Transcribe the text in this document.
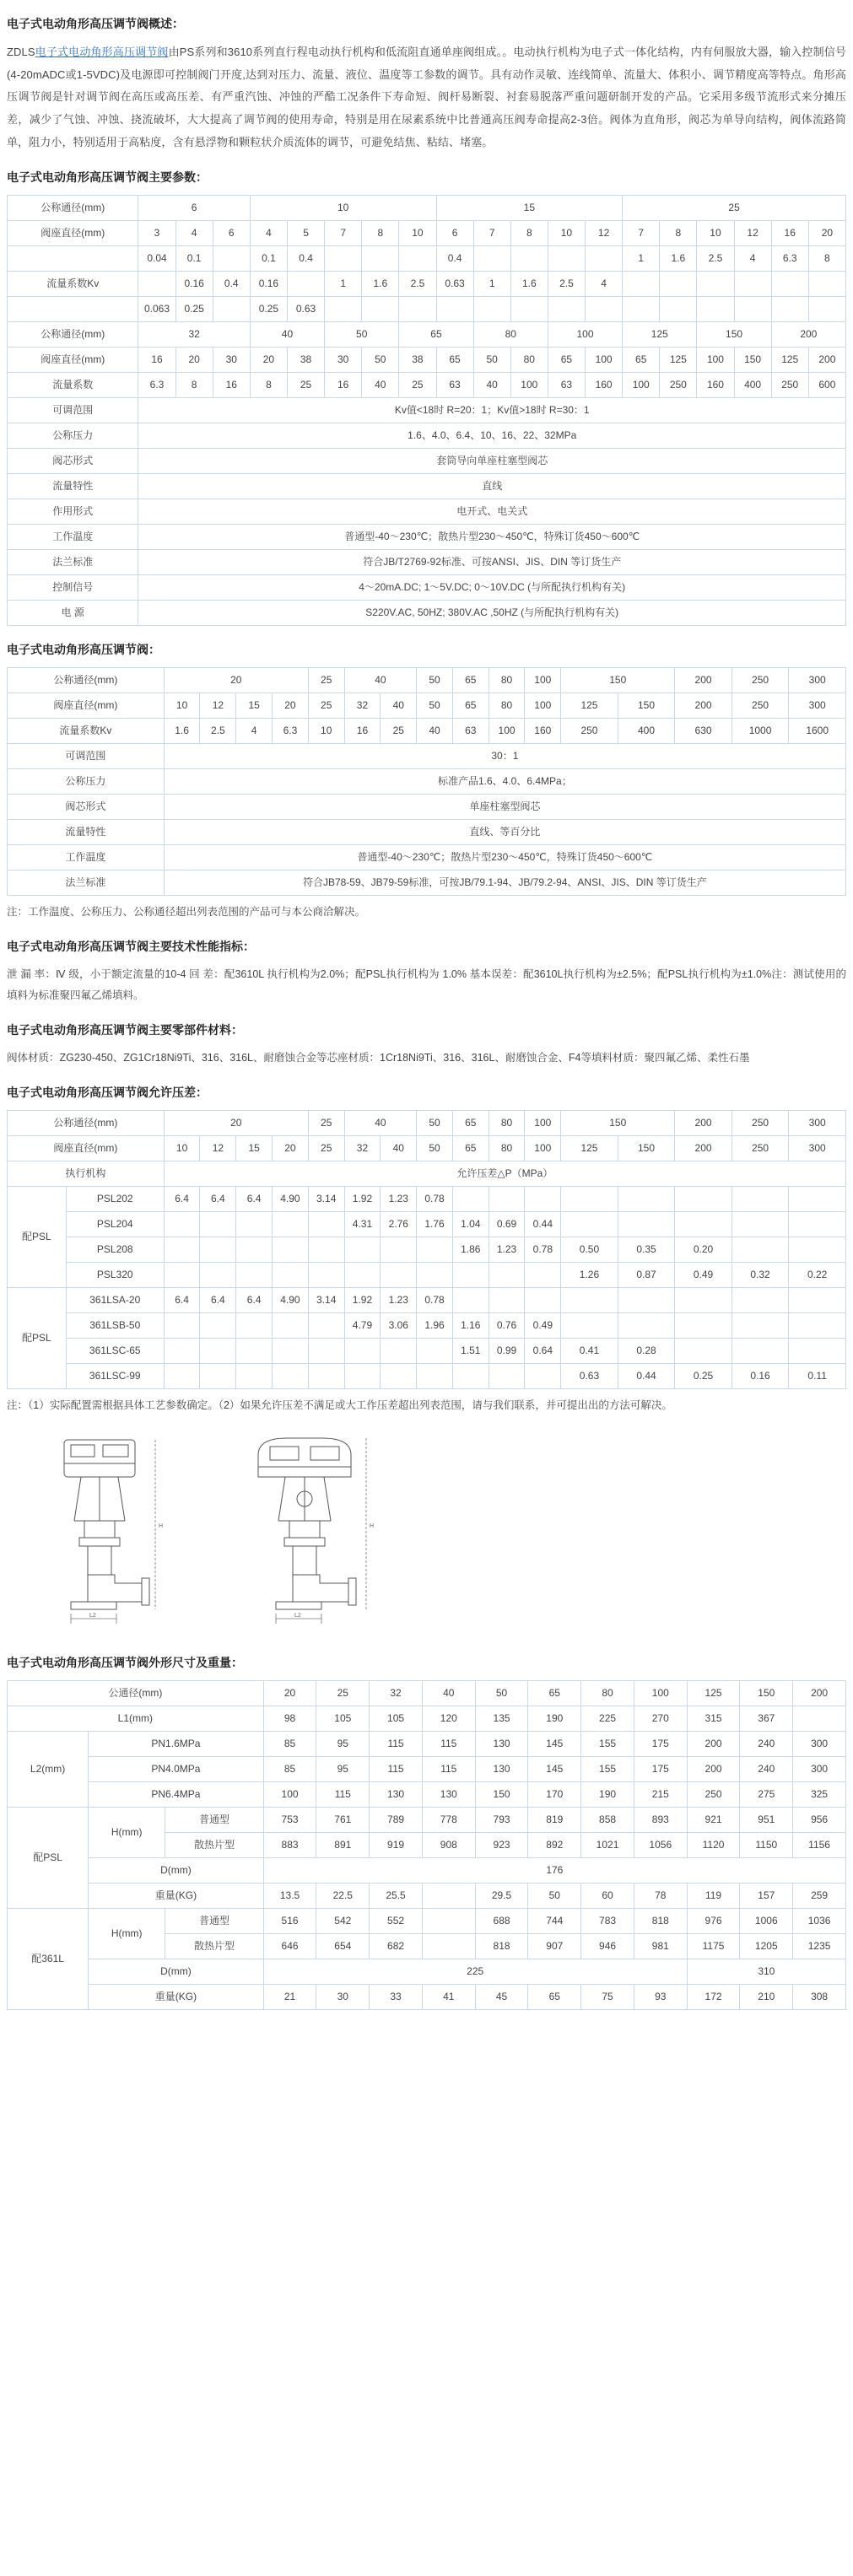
电子式电动角形高压调节阀概述：

ZDLS电子式电动角形高压调节阀由PS系列和3610系列直行程电动执行机构和低流阻直通单座阀组成。。电动执行机构为电子式一体化结构，内有伺服放大器，输入控制信号(4-20mADC或1-5VDC)及电源即可控制阀门开度,达到对压力、流量、液位、温度等工参数的调节。具有动作灵敏、连线简单、流量大、体积小、调节精度高等特点。角形高压调节阀是针对调节阀在高压或高压差、有严重汽蚀、冲蚀的严酷工况条件下寿命短、阀杆易断裂、衬套易脱落严重问题研制开发的产品。它采用多级节流形式来分摊压差，减少了气蚀、冲蚀、挠流破坏，大大提高了调节阀的使用寿命，特别是用在尿素系统中比普通高压阀寿命提高2-3倍。阀体为直角形，阀芯为单导向结构，阀体流路简单，阻力小，特别适用于高粘度，含有悬浮物和颗粒状介质流体的调节，可避免结焦、粘结、堵塞。

电子式电动角形高压调节阀主要参数：
公称通径(mm)	6			10					15					25					
阀座直径(mm)	3	4	6	4	5	7	8	10	6	7	8	10	12	7	8	10	12	16	20
	0.04	0.1		0.1	0.4				0.4					1	1.6	2.5	4	6.3	8
流量系数Kv		0.16	0.4	0.16		1	1.6	2.5	0.63	1	1.6	2.5	4						
	0.063	0.25		0.25	0.63														
公称通径(mm)	32			40		50		65		80		100		125		150		200	
阀座直径(mm)	16	20	30	20	38	30	50	38	65	50	80	65	100	65	125	100	150	125	200
流量系数	6.3	8	16	8	25	16	40	25	63	40	100	63	160	100	250	160	400	250	600
可调范围	Kv值<18时 R=20：1；Kv值>18时 R=30：1																		
公称压力	1.6、4.0、6.4、10、16、22、32MPa																		
阀芯形式	套筒导向单座柱塞型阀芯																		
流量特性	直线																		
作用形式	电开式、电关式																		
工作温度	普通型-40～230℃；散热片型230～450℃，特殊订货450～600℃																		
法兰标准	符合JB/T2769-92标准、可按ANSI、JIS、DIN 等订货生产																		
控制信号	4～20mA.DC; 1～5V.DC; 0～10V.DC (与所配执行机构有关)																		
电 源	S220V.AC, 50HZ; 380V.AC ,50HZ (与所配执行机构有关)																		
电子式电动角形高压调节阀：
公称通径(mm)	20				25	40		50	65	80	100	150		200	250	300
阀座直径(mm)	10	12	15	20	25	32	40	50	65	80	100	125	150	200	250	300
流量系数Kv	1.6	2.5	4	6.3	10	16	25	40	63	100	160	250	400	630	1000	1600
可调范围	30：1															
公称压力	标准产品1.6、4.0、6.4MPa；															
阀芯形式	单座柱塞型阀芯															
流量特性	直线、等百分比															
工作温度	普通型-40～230℃；散热片型230～450℃，特殊订货450～600℃															
法兰标准	符合JB78-59、JB79-59标准，可按JB/79.1-94、JB/79.2-94、ANSI、JIS、DIN 等订货生产															

注：工作温度、公称压力、公称通径超出列表范围的产品可与本公商洽解决。

电子式电动角形高压调节阀主要技术性能指标：

泄 漏 率：Ⅳ 级，小于额定流量的10-4 回 差：配3610L 执行机构为2.0%；配PSL执行机构为 1.0% 基本误差：配3610L执行机构为±2.5%；配PSL执行机构为±1.0%注：测试使用的填料为标准聚四氟乙烯填料。

电子式电动角形高压调节阀主要零部件材料：

阀体材质：ZG230-450、ZG1Cr18Ni9Ti、316、316L、耐磨蚀合金等芯座材质：1Cr18Ni9Ti、316、316L、耐磨蚀合金、F4等填料材质：聚四氟乙烯、柔性石墨

电子式电动角形高压调节阀允许压差：
公称通径(mm)		20				25	40		50	65	80	100	150		200	250	300
阀座直径(mm)		10	12	15	20	25	32	40	50	65	80	100	125	150	200	250	300
执行机构		允许压差△P（MPa）															
配PSL	PSL202	6.4	6.4	6.4	4.90	3.14	1.92	1.23	0.78								
	PSL204						4.31	2.76	1.76	1.04	0.69	0.44					
	PSL208									1.86	1.23	0.78	0.50	0.35	0.20		
	PSL320												1.26	0.87	0.49	0.32	0.22
配PSL	361LSA-20	6.4	6.4	6.4	4.90	3.14	1.92	1.23	0.78								
	361LSB-50						4.79	3.06	1.96	1.16	0.76	0.49					
	361LSC-65									1.51	0.99	0.64	0.41	0.28			
	361LSC-99												0.63	0.44	0.25	0.16	0.11

注：（1）实际配置需根据具体工艺参数确定。（2）如果允许压差不满足或大工作压差超出列表范围，请与我们联系，并可提出出的方法可解决。

L2
H
L2
H
电子式电动角形高压调节阀外形尺寸及重量：
公通径(mm)			20	25	32	40	50	65	80	100	125	150	200
L1(mm)			98	105	105	120	135	190	225	270	315	367	
L2(mm)	PN1.6MPa		85	95	115	115	130	145	155	175	200	240	300
	PN4.0MPa		85	95	115	115	130	145	155	175	200	240	300
	PN6.4MPa		100	115	130	130	150	170	190	215	250	275	325
配PSL	H(mm)	普通型	753	761	789	778	793	819	858	893	921	951	956
		散热片型	883	891	919	908	923	892	1021	1056	1120	1150	1156
	D(mm)		176										
	重量(KG)		13.5	22.5	25.5		29.5	50	60	78	119	157	259
配361L	H(mm)	普通型	516	542	552		688	744	783	818	976	1006	1036
		散热片型	646	654	682		818	907	946	981	1175	1205	1235
	D(mm)		225								310		
	重量(KG)		21	30	33	41	45	65	75	93	172	210	308
